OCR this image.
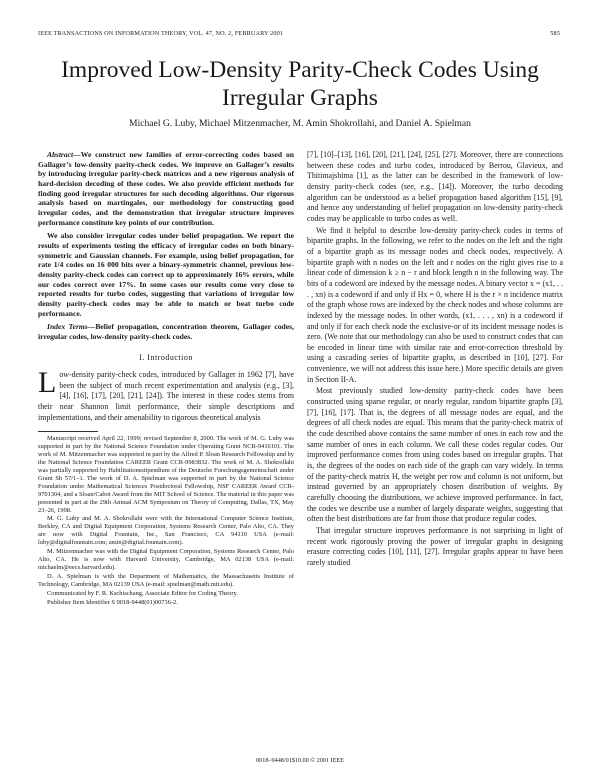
IEEE TRANSACTIONS ON INFORMATION THEORY, VOL. 47, NO. 2, FEBRUARY 2001	585
Improved Low-Density Parity-Check Codes Using Irregular Graphs
Michael G. Luby, Michael Mitzenmacher, M. Amin Shokrollahi, and Daniel A. Spielman

Abstract—We construct new families of error-correcting codes based on Gallager’s low-density parity-check codes. We improve on Gallager’s results by introducing irregular parity-check matrices and a new rigorous analysis of hard-decision decoding of these codes. We also provide efficient methods for finding good irregular structures for such decoding algorithms. Our rigorous analysis based on martingales, our methodology for constructing good irregular codes, and the demonstration that irregular structure improves performance constitute key points of our contribution.

We also consider irregular codes under belief propagation. We report the results of experiments testing the efficacy of irregular codes on both binary-symmetric and Gaussian channels. For example, using belief propagation, for rate 1/4 codes on 16 000 bits over a binary-symmetric channel, previous low-density parity-check codes can correct up to approximately 16% errors, while our codes correct over 17%. In some cases our results come very close to reported results for turbo codes, suggesting that variations of irregular low density parity-check codes may be able to match or beat turbo code performance.

Index Terms—Belief propagation, concentration theorem, Gallager codes, irregular codes, low-density parity-check codes.

I. Introduction

Low-density parity-check codes, introduced by Gallager in 1962 [7], have been the subject of much recent experimentation and analysis (e.g., [3], [4], [16], [17], [20], [21], [24]). The interest in these codes stems from their near Shannon limit performance, their simple descriptions and implementations, and their amenability to rigorous theoretical analysis

Manuscript received April 22, 1999; revised September 8, 2000. The work of M. G. Luby was supported in part by the National Science Foundation under Operating Grant NCR-9416101. The work of M. Mitzenmacher was supported in part by the Alfred P. Sloan Research Fellowship and by the National Science Foundation CAREER Grant CCR-9983832. The work of M. A. Shokrollahi was partially supported by Habilitationsstipendium of the Deutsche Forschungsgemeinschaft under Grant Sh 57/1–1. The work of D. A. Spielman was supported in part by the National Science Foundation under Mathematical Sciences Postdoctoral Fellowship, NSF CAREER Award CCR-9701304, and a Sloan/Cabot Award from the MIT School of Science. The material in this paper was presented in part at the 29th Annual ACM Symposium on Theory of Computing, Dallas, TX, May 23–26, 1998.

M. G. Luby and M. A. Shokrollahi were with the International Computer Science Institute, Berkley, CA and Digital Equipment Corporation, Systems Research Center, Palo Alto, CA. They are now with Digital Fountain, Inc., San Francisco, CA 94110 USA (e-mail: luby@digitalfountain.com; amin@digital.fountain.com).

M. Mitzenmacher was with the Digital Equipment Corporation, Systems Research Center, Palo Alto, CA. He is now with Harvard University, Cambridge, MA 02138 USA (e-mail: michaelm@eecs.harvard.edu).

D. A. Spielman is with the Department of Mathematics, the Massachusetts Institute of Technology, Cambridge, MA 02139 USA (e-mail: spielman@math.mit.edu).

Communicated by F. R. Kschischang, Associate Editor for Coding Theory.

Publisher Item Identifier S 0018-9448(01)00736-2.

[7], [10]–[13], [16], [20], [21], [24], [25], [27]. Moreover, there are connections between these codes and turbo codes, introduced by Berrou, Glavieux, and Thitimajshima [1], as the latter can be described in the framework of low-density parity-check codes (see, e.g., [14]). Moreover, the turbo decoding algorithm can be understood as a belief propagation based algorithm [15], [9], and hence any understanding of belief propagation on low-density parity-check codes may be applicable to turbo codes as well.

We find it helpful to describe low-density parity-check codes in terms of bipartite graphs. In the following, we refer to the nodes on the left and the right of a bipartite graph as its message nodes and check nodes, respectively. A bipartite graph with n nodes on the left and r nodes on the right gives rise to a linear code of dimension k ≥ n − r and block length n in the following way. The bits of a codeword are indexed by the message nodes. A binary vector x = (x1, . . . , xn) is a codeword if and only if Hx = 0, where H is the r × n incidence matrix of the graph whose rows are indexed by the check nodes and whose columns are indexed by the message nodes. In other words, (x1, . . . , xn) is a codeword if and only if for each check node the exclusive-or of its incident message nodes is zero. (We note that our methodology can also be used to construct codes that can be encoded in linear time with similar rate and error-correction threshold by using a cascading series of bipartite graphs, as described in [10], [27]. For convenience, we will not address this issue here.) More specific details are given in Section II-A.

Most previously studied low-density parity-check codes have been constructed using sparse regular, or nearly regular, random bipartite graphs [3], [7], [16], [17]. That is, the degrees of all message nodes are equal, and the degrees of all check nodes are equal. This means that the parity-check matrix of the code described above contains the same number of ones in each row and the same number of ones in each column. We call these codes regular codes. Our improved performance comes from using codes based on irregular graphs. That is, the degrees of the nodes on each side of the graph can vary widely. In terms of the parity-check matrix H, the weight per row and column is not uniform, but instead governed by an appropriately chosen distribution of weights. By carefully choosing the distributions, we achieve improved performance. In fact, the codes we describe use a number of largely disparate weights, suggesting that often the best distributions are far from those that produce regular codes.

That irregular structure improves performance is not surprising in light of recent work rigorously proving the power of irregular graphs in designing erasure correcting codes [10], [11], [27]. Irregular graphs appear to have been rarely studied

0018–9448/01$10.00 © 2001 IEEE
